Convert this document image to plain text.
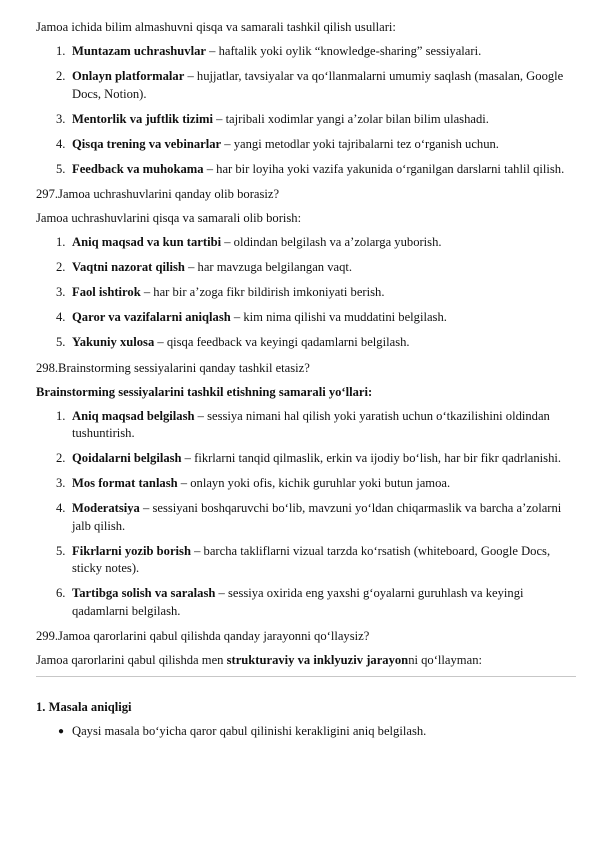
Jamoa ichida bilim almashuvni qisqa va samarali tashkil qilish usullari:

1. Muntazam uchrashuvlar – haftalik yoki oylik “knowledge-sharing” sessiyalari.
2. Onlayn platformalar – hujjatlar, tavsiyalar va qo‘llanmalarni umumiy saqlash (masalan, Google Docs, Notion).
3. Mentorlik va juftlik tizimi – tajribali xodimlar yangi a’zolar bilan bilim ulashadi.
4. Qisqa trening va vebinarlar – yangi metodlar yoki tajribalarni tez o‘rganish uchun.
5. Feedback va muhokama – har bir loyiha yoki vazifa yakunida o‘rganilgan darslarni tahlil qilish.

297.Jamoa uchrashuvlarini qanday olib borasiz?

Jamoa uchrashuvlarini qisqa va samarali olib borish:

1. Aniq maqsad va kun tartibi – oldindan belgilash va a’zolarga yuborish.
2. Vaqtni nazorat qilish – har mavzuga belgilangan vaqt.
3. Faol ishtirok – har bir a’zoga fikr bildirish imkoniyati berish.
4. Qaror va vazifalarni aniqlash – kim nima qilishi va muddatini belgilash.
5. Yakuniy xulosa – qisqa feedback va keyingi qadamlarni belgilash.

298.Brainstorming sessiyalarini qanday tashkil etasiz?

Brainstorming sessiyalarini tashkil etishning samarali yo‘llari:

1. Aniq maqsad belgilash – sessiya nimani hal qilish yoki yaratish uchun o‘tkazilishini oldindan tushuntirish.
2. Qoidalarni belgilash – fikrlarni tanqid qilmaslik, erkin va ijodiy bo‘lish, har bir fikr qadrlanishi.
3. Mos format tanlash – onlayn yoki ofis, kichik guruhlar yoki butun jamoa.
4. Moderatsiya – sessiyani boshqaruvchi bo‘lib, mavzuni yo‘ldan chiqarmaslik va barcha a’zolarni jalb qilish.
5. Fikrlarni yozib borish – barcha takliflarni vizual tarzda ko‘rsatish (whiteboard, Google Docs, sticky notes).
6. Tartibga solish va saralash – sessiya oxirida eng yaxshi g‘oyalarni guruhlash va keyingi qadamlarni belgilash.

299.Jamoa qarorlarini qabul qilishda qanday jarayonni qo‘llaysiz?

Jamoa qarorlarini qabul qilishda men strukturaviy va inklyuziv jarayonni qo‘llayman:

1. Masala aniqligi

● Qaysi masala bo‘yicha qaror qabul qilinishi kerakligini aniq belgilash.
